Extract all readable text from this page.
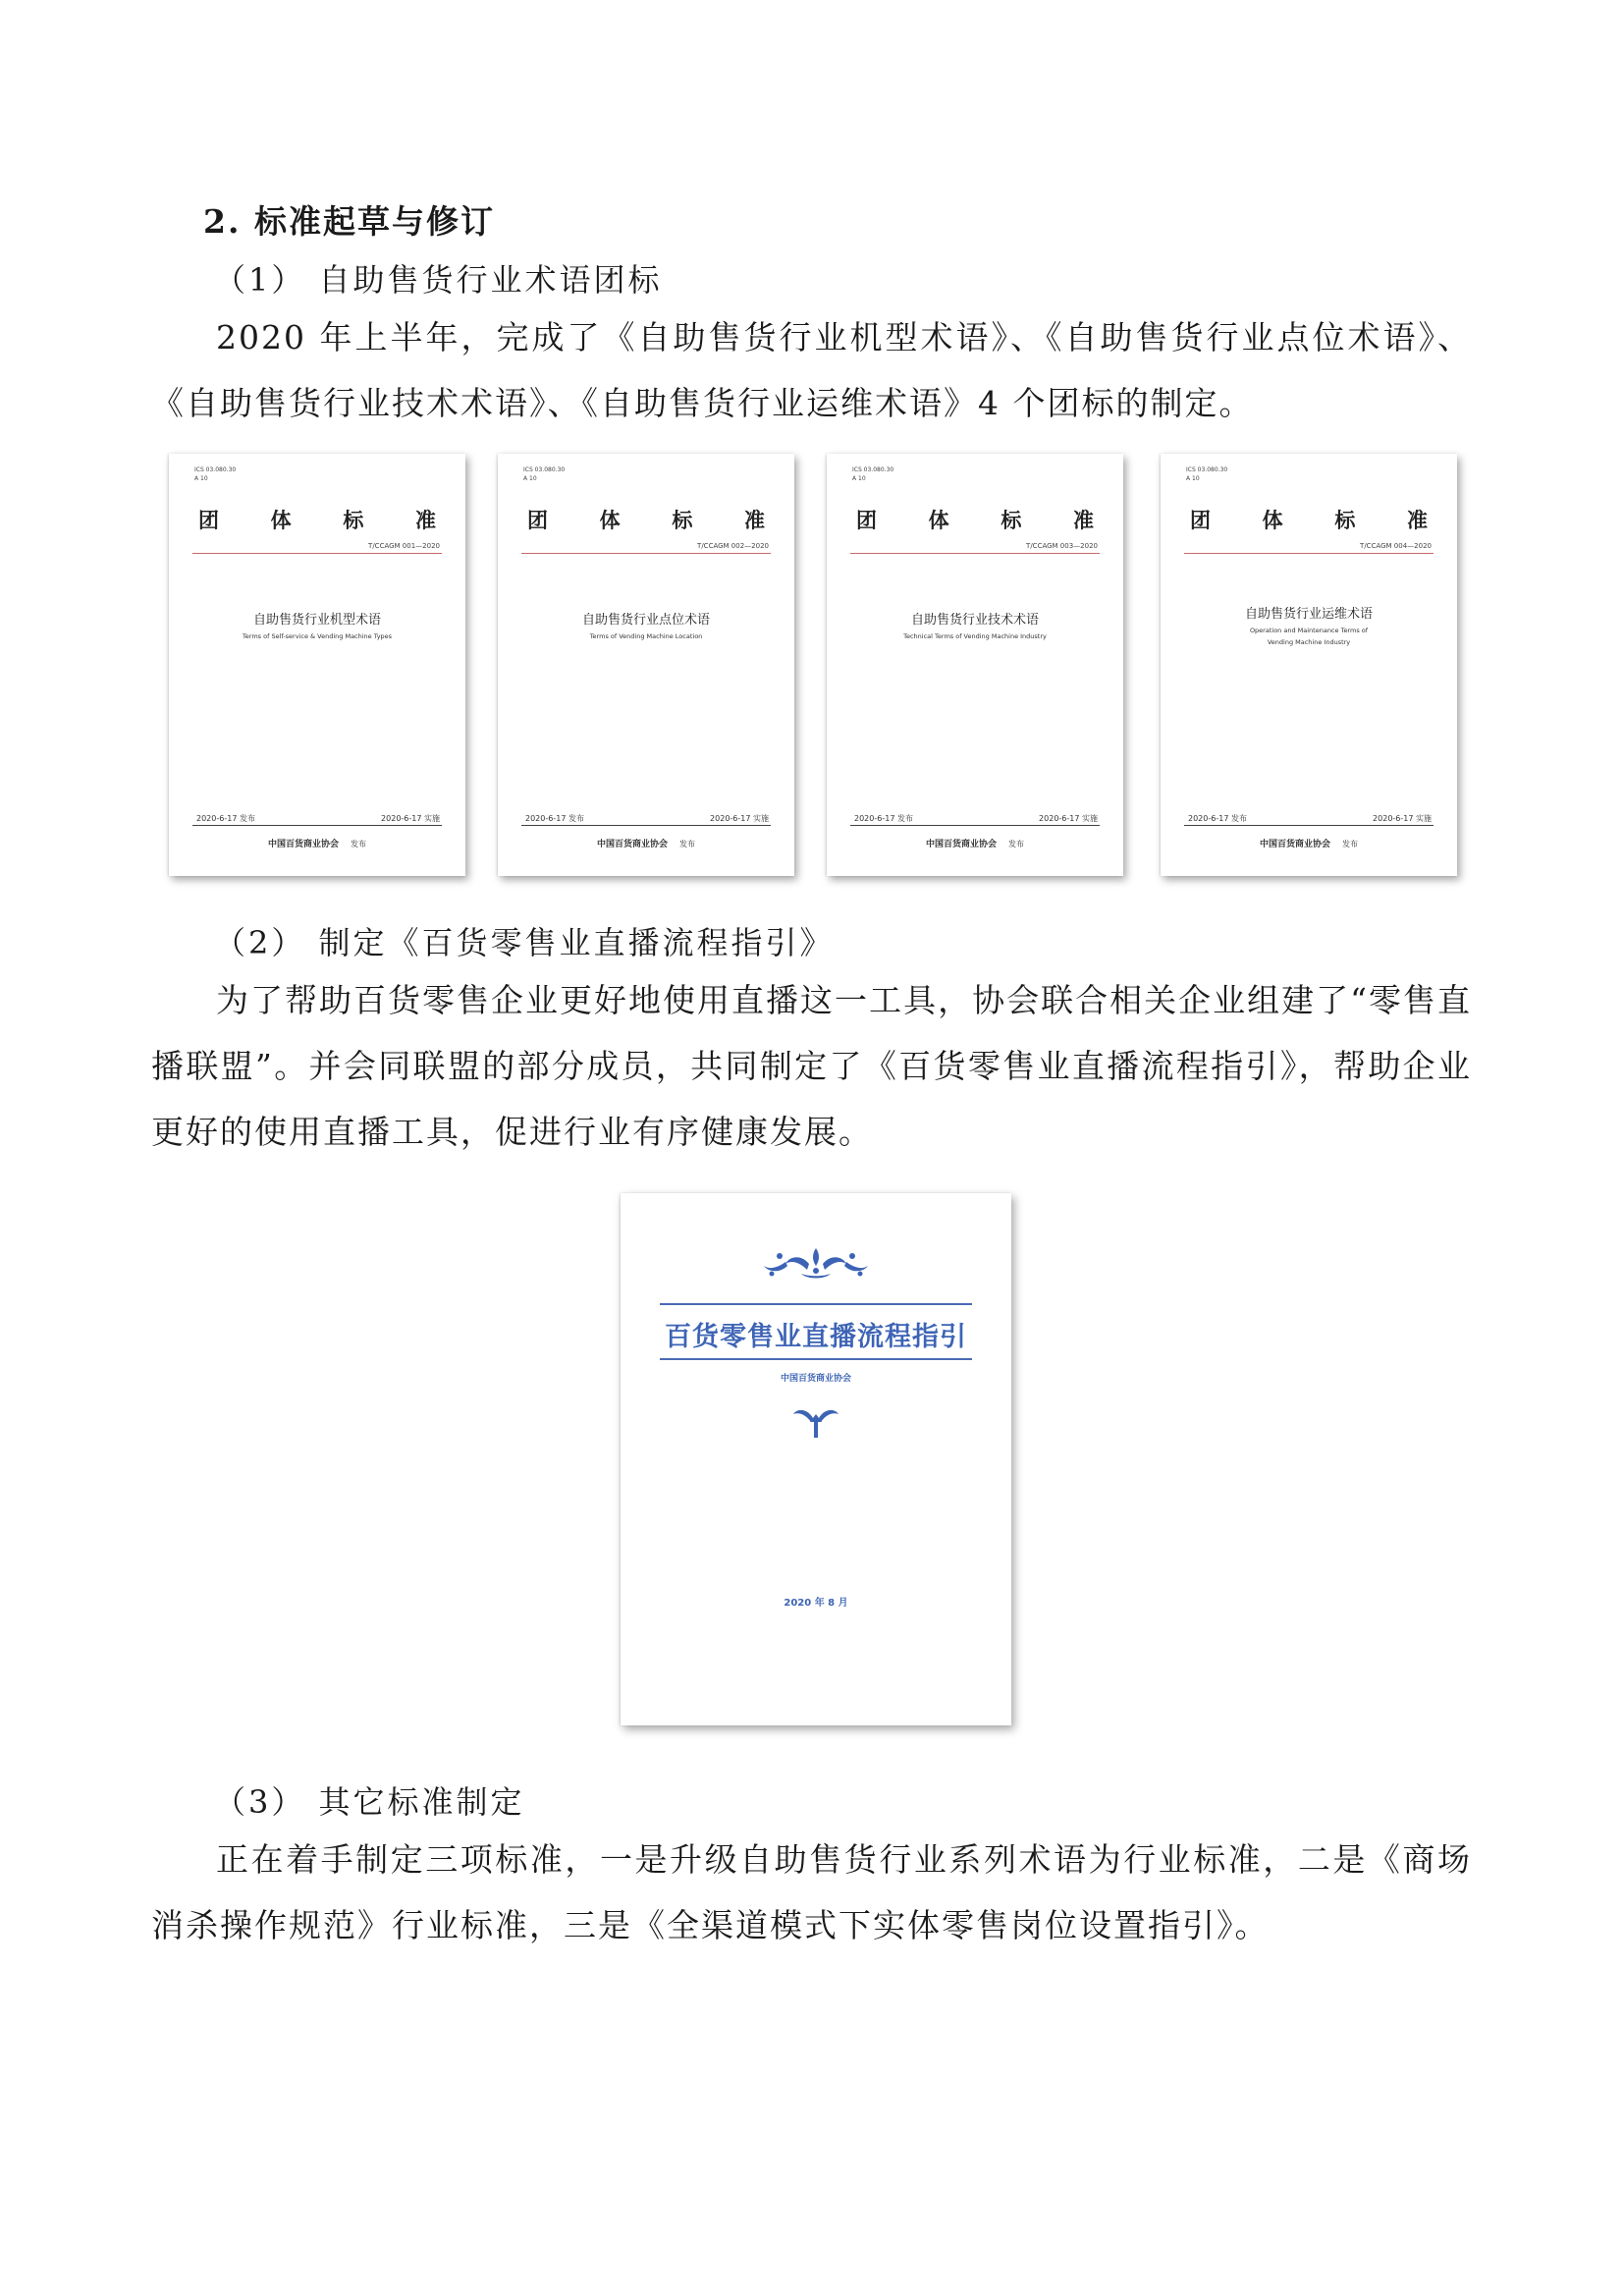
2. 标准起草与修订
（1） 自助售货行业术语团标
2020 年上半年，完成了《自助售货行业机型术语》、《自助售货行业点位术语》、《自助售货行业技术术语》、《自助售货行业运维术语》4 个团标的制定。
ICS 03.080.30
A 10
团	体	标	准
T/CCAGM 001—2020
自助售货行业机型术语
Terms of Self-service & Vending Machine Types
2020-6-17 发布	2020-6-17 实施
中国百货商业协会 发布
ICS 03.080.30
A 10
团	体	标	准
T/CCAGM 002—2020
自助售货行业点位术语
Terms of Vending Machine Location
2020-6-17 发布	2020-6-17 实施
中国百货商业协会 发布
ICS 03.080.30
A 10
团	体	标	准
T/CCAGM 003—2020
自助售货行业技术术语
Technical Terms of Vending Machine Industry
2020-6-17 发布	2020-6-17 实施
中国百货商业协会 发布
ICS 03.080.30
A 10
团	体	标	准
T/CCAGM 004—2020
自助售货行业运维术语
Operation and Maintenance Terms of
Vending Machine Industry
2020-6-17 发布	2020-6-17 实施
中国百货商业协会 发布
（2） 制定《百货零售业直播流程指引》
为了帮助百货零售企业更好地使用直播这一工具，协会联合相关企业组建了“零售直播联盟”。并会同联盟的部分成员，共同制定了《百货零售业直播流程指引》，帮助企业更好的使用直播工具，促进行业有序健康发展。
百货零售业直播流程指引
中国百货商业协会
2020 年 8 月
（3） 其它标准制定
正在着手制定三项标准，一是升级自助售货行业系列术语为行业标准，二是《商场消杀操作规范》行业标准，三是《全渠道模式下实体零售岗位设置指引》。
